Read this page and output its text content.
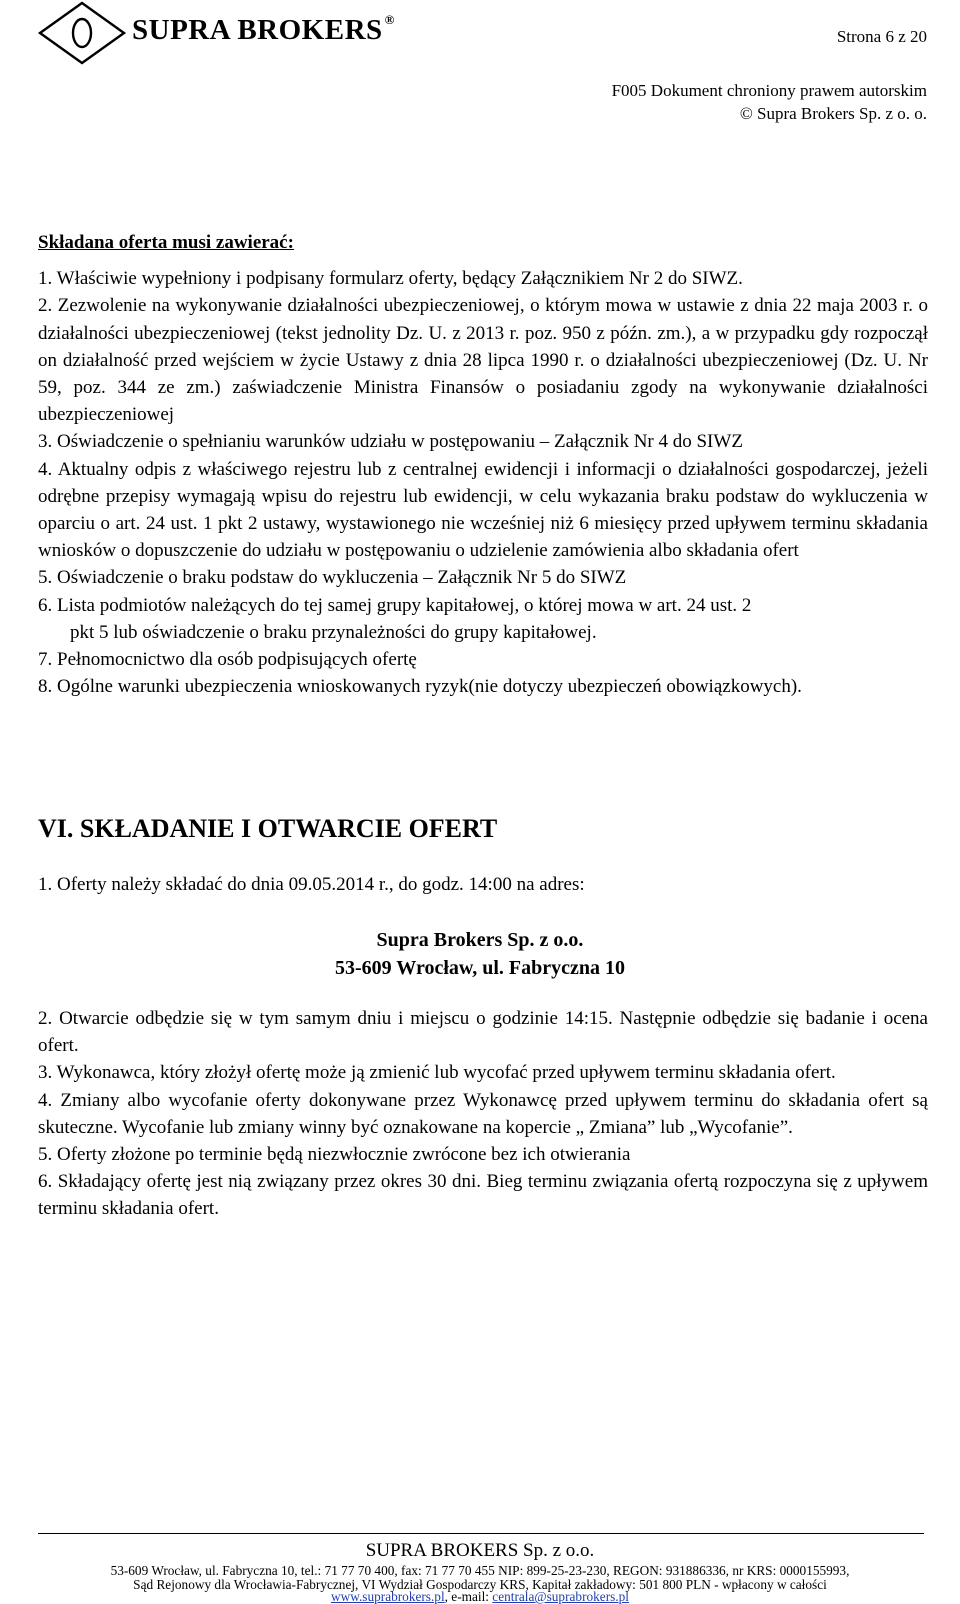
SUPRA BROKERS ®
Strona 6 z 20
F005 Dokument chroniony prawem autorskim
© Supra Brokers Sp. z o. o.

Składana oferta musi zawierać:

1. Właściwie wypełniony i podpisany formularz oferty, będący Załącznikiem Nr 2 do SIWZ.

2. Zezwolenie na wykonywanie działalności ubezpieczeniowej, o którym mowa w ustawie z dnia 22 maja 2003 r. o działalności ubezpieczeniowej (tekst jednolity Dz. U. z 2013 r. poz. 950 z późn. zm.), a w przypadku gdy rozpoczął on działalność przed wejściem w życie Ustawy z dnia 28 lipca 1990 r. o działalności ubezpieczeniowej (Dz. U. Nr 59, poz. 344 ze zm.) zaświadczenie Ministra Finansów o posiadaniu zgody na wykonywanie działalności ubezpieczeniowej

3. Oświadczenie o spełnianiu warunków udziału w postępowaniu – Załącznik Nr 4 do SIWZ

4. Aktualny odpis z właściwego rejestru lub z centralnej ewidencji i informacji o działalności gospodarczej, jeżeli odrębne przepisy wymagają wpisu do rejestru lub ewidencji, w celu wykazania braku podstaw do wykluczenia w oparciu o art. 24 ust. 1 pkt 2 ustawy, wystawionego nie wcześniej niż 6 miesięcy przed upływem terminu składania wniosków o dopuszczenie do udziału w postępowaniu o udzielenie zamówienia albo składania ofert

5. Oświadczenie o braku podstaw do wykluczenia – Załącznik Nr 5 do SIWZ

6. Lista podmiotów należących do tej samej grupy kapitałowej, o której mowa w art. 24 ust. 2

pkt 5 lub oświadczenie o braku przynależności do grupy kapitałowej.

7. Pełnomocnictwo dla osób podpisujących ofertę

8. Ogólne warunki ubezpieczenia wnioskowanych ryzyk(nie dotyczy ubezpieczeń obowiązkowych).

VI. SKŁADANIE I OTWARCIE OFERT

1. Oferty należy składać do dnia 09.05.2014 r., do godz. 14:00 na adres:

Supra Brokers Sp. z o.o.
53-609 Wrocław, ul. Fabryczna 10

2. Otwarcie odbędzie się w tym samym dniu i miejscu o godzinie 14:15. Następnie odbędzie się badanie i ocena ofert.

3. Wykonawca, który złożył ofertę może ją zmienić lub wycofać przed upływem terminu składania ofert.

4. Zmiany albo wycofanie oferty dokonywane przez Wykonawcę przed upływem terminu do składania ofert są skuteczne. Wycofanie lub zmiany winny być oznakowane na kopercie „ Zmiana” lub „Wycofanie”.

5. Oferty złożone po terminie będą niezwłocznie zwrócone bez ich otwierania

6. Składający ofertę jest nią związany przez okres 30 dni. Bieg terminu związania ofertą rozpoczyna się z upływem terminu składania ofert.

SUPRA BROKERS Sp. z o.o.
53-609 Wrocław, ul. Fabryczna 10, tel.: 71 77 70 400, fax: 71 77 70 455 NIP: 899-25-23-230, REGON: 931886336, nr KRS: 0000155993,
Sąd Rejonowy dla Wrocławia-Fabrycznej, VI Wydział Gospodarczy KRS, Kapitał zakładowy: 501 800 PLN - wpłacony w całości
www.suprabrokers.pl, e-mail: centrala@suprabrokers.pl
